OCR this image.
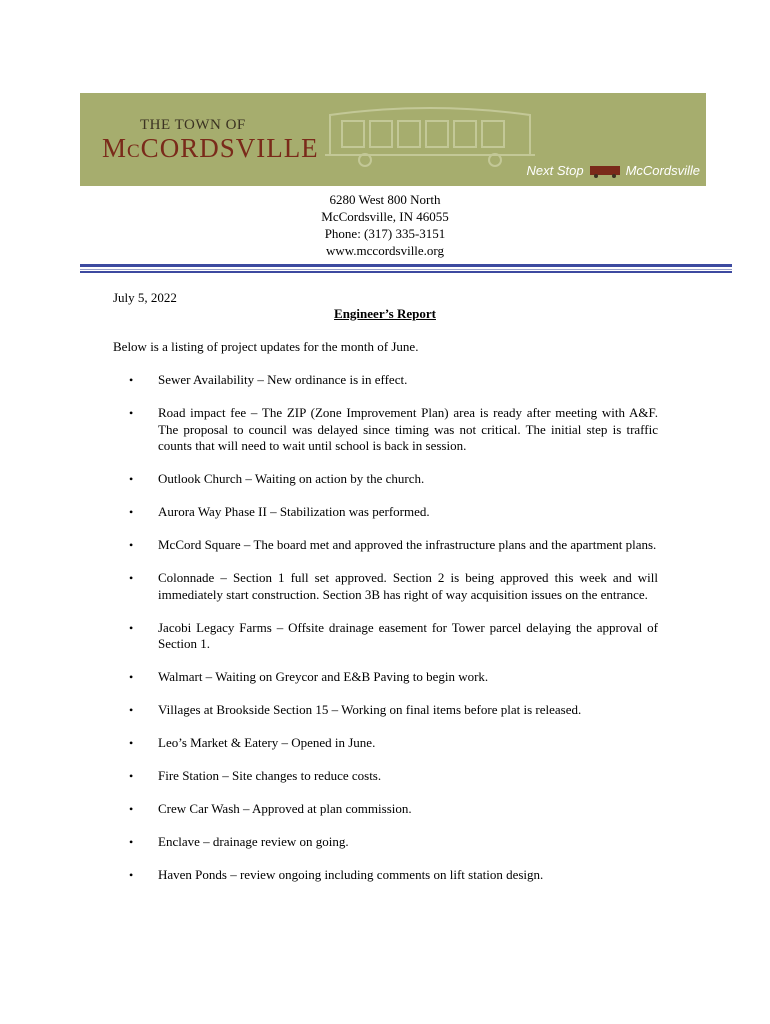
THE TOWN OF
McCORDSVILLE
Next Stop	McCordsville
6280 West 800 North
McCordsville, IN 46055
Phone: (317) 335-3151
www.mccordsville.org
July 5, 2022
Engineer’s Report
Below is a listing of project updates for the month of June.
• Sewer Availability – New ordinance is in effect.
• Road impact fee – The ZIP (Zone Improvement Plan) area is ready after meeting with A&F. The proposal to council was delayed since timing was not critical. The initial step is traffic counts that will need to wait until school is back in session.
• Outlook Church – Waiting on action by the church.
• Aurora Way Phase II – Stabilization was performed.
• McCord Square – The board met and approved the infrastructure plans and the apartment plans.
• Colonnade – Section 1 full set approved. Section 2 is being approved this week and will immediately start construction. Section 3B has right of way acquisition issues on the entrance.
• Jacobi Legacy Farms – Offsite drainage easement for Tower parcel delaying the approval of Section 1.
• Walmart – Waiting on Greycor and E&B Paving to begin work.
• Villages at Brookside Section 15 – Working on final items before plat is released.
• Leo’s Market & Eatery – Opened in June.
• Fire Station – Site changes to reduce costs.
• Crew Car Wash – Approved at plan commission.
• Enclave – drainage review on going.
• Haven Ponds – review ongoing including comments on lift station design.
